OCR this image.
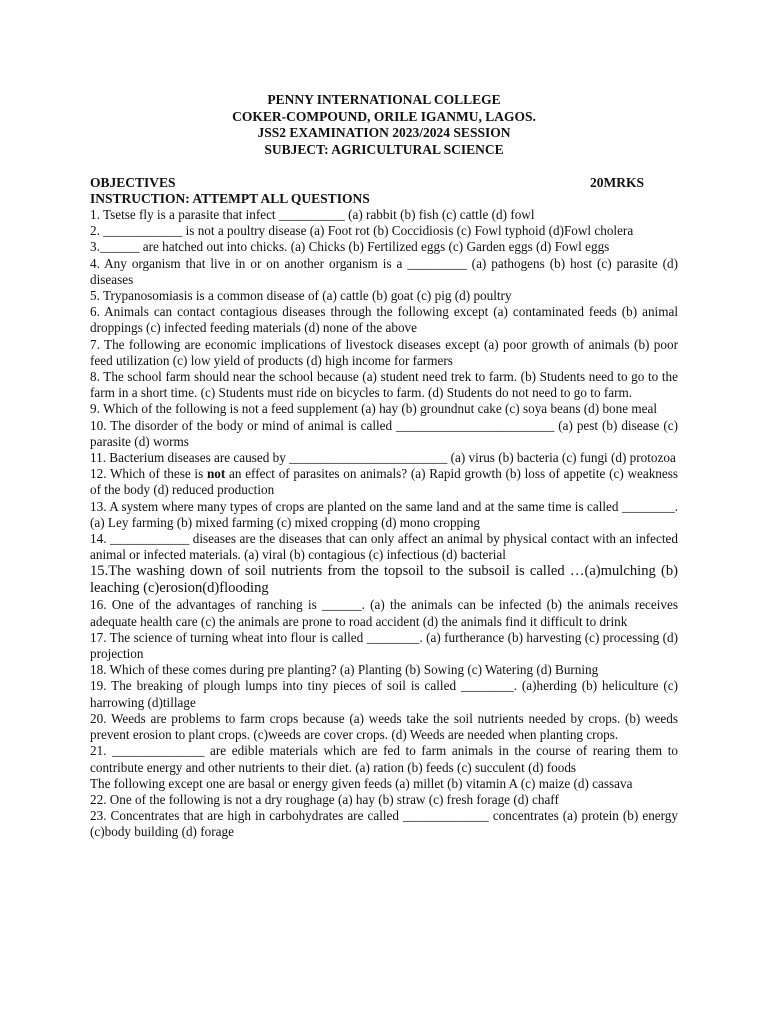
PENNY INTERNATIONAL COLLEGE
COKER-COMPOUND, ORILE IGANMU, LAGOS.
JSS2 EXAMINATION 2023/2024 SESSION
SUBJECT: AGRICULTURAL SCIENCE
OBJECTIVES	20MRKS
INSTRUCTION: ATTEMPT ALL QUESTIONS

1. Tsetse fly is a parasite that infect __________ (a) rabbit (b) fish (c) cattle (d) fowl

2. ____________ is not a poultry disease (a) Foot rot (b) Coccidiosis (c) Fowl typhoid (d)Fowl cholera

3.______ are hatched out into chicks. (a) Chicks (b) Fertilized eggs (c) Garden eggs (d) Fowl eggs

4. Any organism that live in or on another organism is a _________ (a) pathogens (b) host (c) parasite (d) diseases

5. Trypanosomiasis is a common disease of (a) cattle (b) goat (c) pig (d) poultry

6. Animals can contact contagious diseases through the following except (a) contaminated feeds (b) animal droppings (c) infected feeding materials (d) none of the above

7. The following are economic implications of livestock diseases except (a) poor growth of animals (b) poor feed utilization (c) low yield of products (d) high income for farmers

8. The school farm should near the school because (a) student need trek to farm. (b) Students need to go to the farm in a short time. (c) Students must ride on bicycles to farm. (d) Students do not need to go to farm.

9. Which of the following is not a feed supplement (a) hay (b) groundnut cake (c) soya beans (d) bone meal

10. The disorder of the body or mind of animal is called ________________________ (a) pest (b) disease (c) parasite (d) worms

11. Bacterium diseases are caused by ________________________ (a) virus (b) bacteria (c) fungi (d) protozoa

12. Which of these is not an effect of parasites on animals? (a) Rapid growth (b) loss of appetite (c) weakness of the body (d) reduced production

13. A system where many types of crops are planted on the same land and at the same time is called ________. (a) Ley farming (b) mixed farming (c) mixed cropping (d) mono cropping

14. ____________ diseases are the diseases that can only affect an animal by physical contact with an infected animal or infected materials. (a) viral (b) contagious (c) infectious (d) bacterial

15.The washing down of soil nutrients from the topsoil to the subsoil is called …(a)mulching (b) leaching (c)erosion(d)flooding

16. One of the advantages of ranching is ______. (a) the animals can be infected (b) the animals receives adequate health care (c) the animals are prone to road accident (d) the animals find it difficult to drink

17. The science of turning wheat into flour is called ________. (a) furtherance (b) harvesting (c) processing (d) projection

18. Which of these comes during pre planting? (a) Planting (b) Sowing (c) Watering (d) Burning

19. The breaking of plough lumps into tiny pieces of soil is called ________. (a)herding (b) heliculture (c) harrowing (d)tillage

20. Weeds are problems to farm crops because (a) weeds take the soil nutrients needed by crops. (b) weeds prevent erosion to plant crops. (c)weeds are cover crops. (d) Weeds are needed when planting crops.

21. ______________ are edible materials which are fed to farm animals in the course of rearing them to contribute energy and other nutrients to their diet. (a) ration (b) feeds (c) succulent (d) foods

The following except one are basal or energy given feeds (a) millet (b) vitamin A (c) maize (d) cassava

22. One of the following is not a dry roughage (a) hay (b) straw (c) fresh forage (d) chaff

23. Concentrates that are high in carbohydrates are called _____________ concentrates (a) protein (b) energy (c)body building (d) forage
